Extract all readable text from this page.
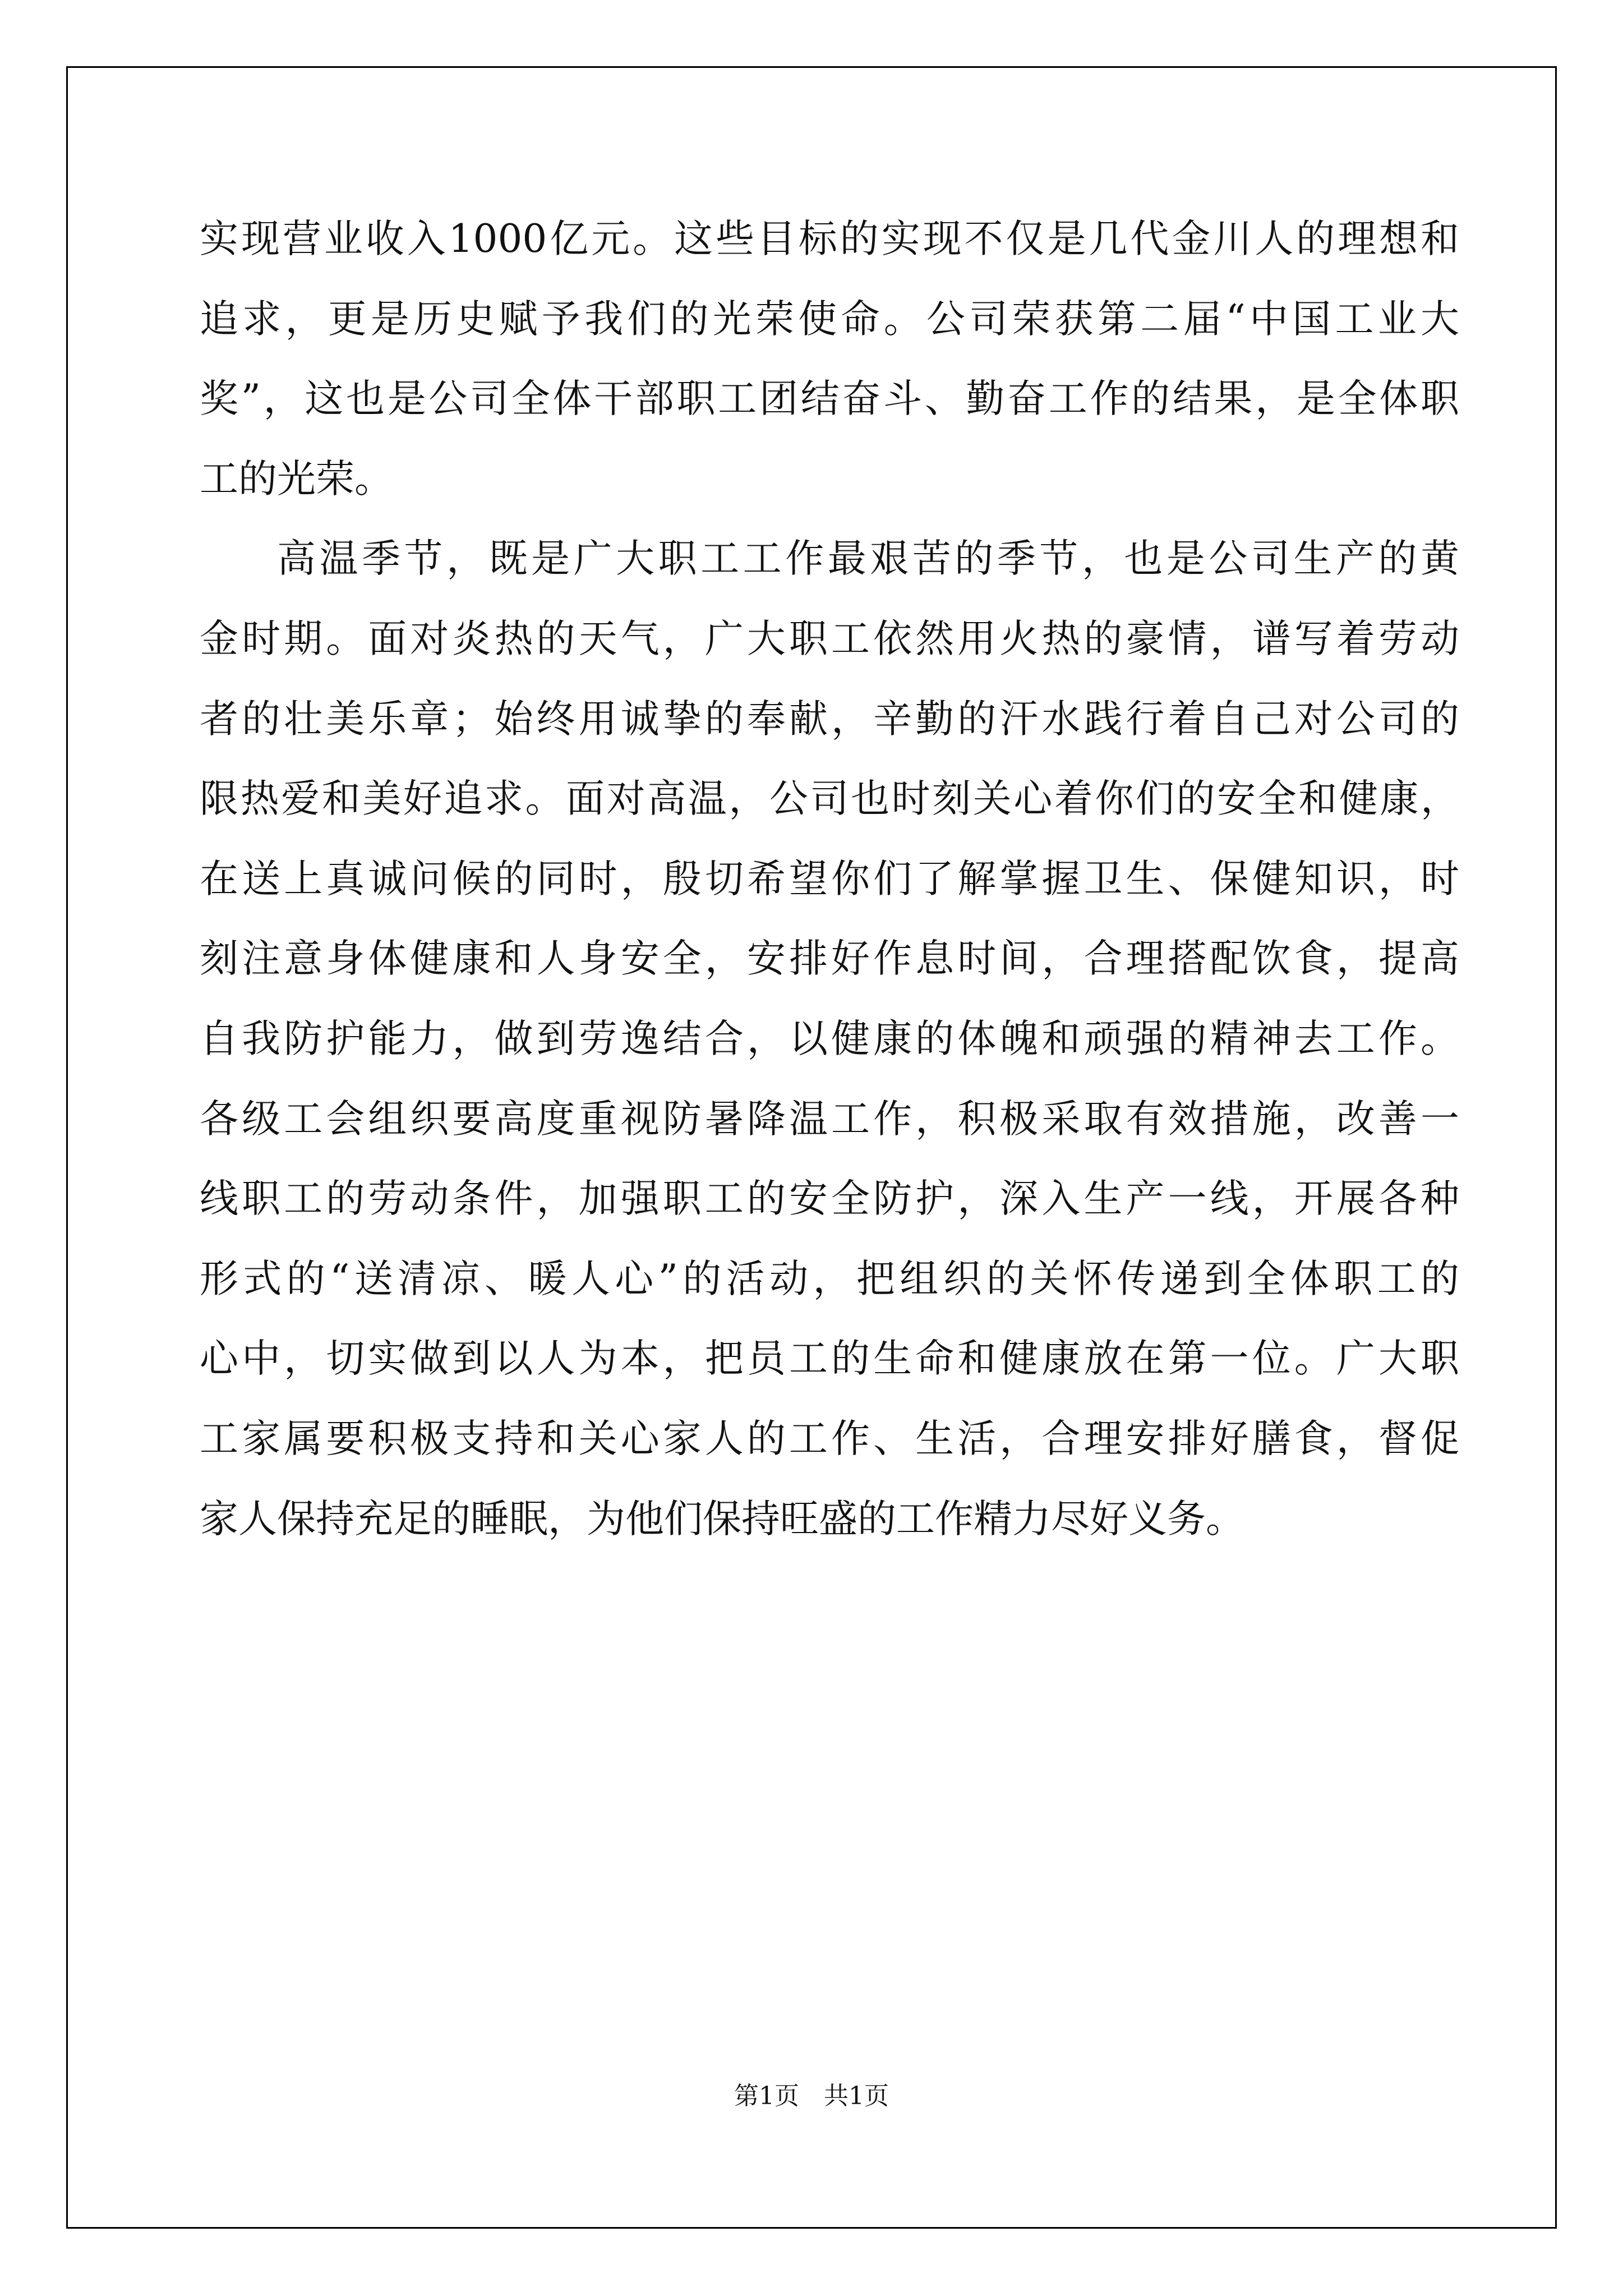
实现营业收入1000亿元。这些目标的实现不仅是几代金川人的理想和
追求，更是历史赋予我们的光荣使命。公司荣获第二届“中国工业大
奖”，这也是公司全体干部职工团结奋斗、勤奋工作的结果，是全体职
工的光荣。
高温季节，既是广大职工工作最艰苦的季节，也是公司生产的黄
金时期。面对炎热的天气，广大职工依然用火热的豪情，谱写着劳动
者的壮美乐章；始终用诚挚的奉献，辛勤的汗水践行着自己对公司的
限热爱和美好追求。面对高温，公司也时刻关心着你们的安全和健康，
在送上真诚问候的同时，殷切希望你们了解掌握卫生、保健知识，时
刻注意身体健康和人身安全，安排好作息时间，合理搭配饮食，提高
自我防护能力，做到劳逸结合，以健康的体魄和顽强的精神去工作。
各级工会组织要高度重视防暑降温工作，积极采取有效措施，改善一
线职工的劳动条件，加强职工的安全防护，深入生产一线，开展各种
形式的“送清凉、暖人心”的活动，把组织的关怀传递到全体职工的
心中，切实做到以人为本，把员工的生命和健康放在第一位。广大职
工家属要积极支持和关心家人的工作、生活，合理安排好膳食，督促
家人保持充足的睡眠，为他们保持旺盛的工作精力尽好义务。
第1页　共1页
